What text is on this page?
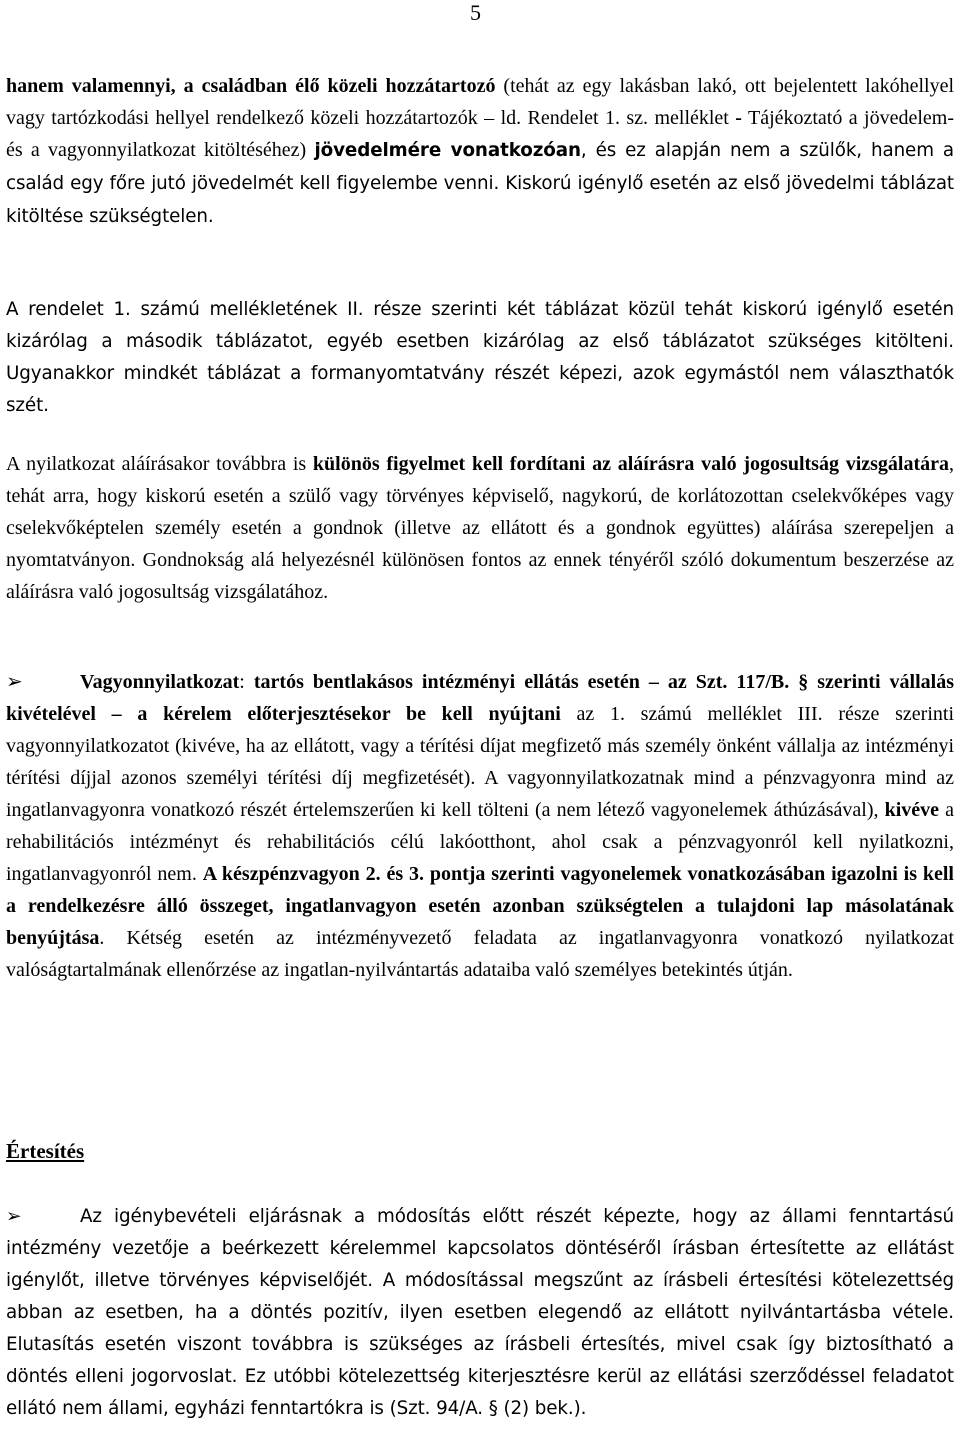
5
hanem valamennyi, a családban élő közeli hozzátartozó (tehát az egy lakásban lakó, ott bejelentett lakóhellyel vagy tartózkodási hellyel rendelkező közeli hozzátartozók – ld. Rendelet 1. sz. melléklet - Tájékoztató a jövedelem- és a vagyonnyilatkozat kitöltéséhez) jövedelmére vonatkozóan, és ez alapján nem a szülők, hanem a család egy főre jutó jövedelmét kell figyelembe venni. Kiskorú igénylő esetén az első jövedelmi táblázat kitöltése szükségtelen.
A rendelet 1. számú mellékletének II. része szerinti két táblázat közül tehát kiskorú igénylő esetén kizárólag a második táblázatot, egyéb esetben kizárólag az első táblázatot szükséges kitölteni. Ugyanakkor mindkét táblázat a formanyomtatvány részét képezi, azok egymástól nem választhatók szét.
A nyilatkozat aláírásakor továbbra is különös figyelmet kell fordítani az aláírásra való jogosultság vizsgálatára, tehát arra, hogy kiskorú esetén a szülő vagy törvényes képviselő, nagykorú, de korlátozottan cselekvőképes vagy cselekvőképtelen személy esetén a gondnok (illetve az ellátott és a gondnok együttes) aláírása szerepeljen a nyomtatványon. Gondnokság alá helyezésnél különösen fontos az ennek tényéről szóló dokumentum beszerzése az aláírásra való jogosultság vizsgálatához.
➢	Vagyonnyilatkozat: tartós bentlakásos intézményi ellátás esetén – az Szt. 117/B. § szerinti vállalás kivételével – a kérelem előterjesztésekor be kell nyújtani az 1. számú melléklet III. része szerinti vagyonnyilatkozatot (kivéve, ha az ellátott, vagy a térítési díjat megfizető más személy önként vállalja az intézményi térítési díjjal azonos személyi térítési díj megfizetését). A vagyonnyilatkozatnak mind a pénzvagyonra mind az ingatlanvagyonra vonatkozó részét értelemszerűen ki kell tölteni (a nem létező vagyonelemek áthúzásával), kivéve a rehabilitációs intézményt és rehabilitációs célú lakóotthont, ahol csak a pénzvagyonról kell nyilatkozni, ingatlanvagyonról nem. A készpénzvagyon 2. és 3. pontja szerinti vagyonelemek vonatkozásában igazolni is kell a rendelkezésre álló összeget, ingatlanvagyon esetén azonban szükségtelen a tulajdoni lap másolatának benyújtása. Kétség esetén az intézményvezető feladata az ingatlanvagyonra vonatkozó nyilatkozat valóságtartalmának ellenőrzése az ingatlan-nyilvántartás adataiba való személyes betekintés útján.
Értesítés
➢	Az igénybevételi eljárásnak a módosítás előtt részét képezte, hogy az állami fenntartású intézmény vezetője a beérkezett kérelemmel kapcsolatos döntéséről írásban értesítette az ellátást igénylőt, illetve törvényes képviselőjét. A módosítással megszűnt az írásbeli értesítési kötelezettség abban az esetben, ha a döntés pozitív, ilyen esetben elegendő az ellátott nyilvántartásba vétele. Elutasítás esetén viszont továbbra is szükséges az írásbeli értesítés, mivel csak így biztosítható a döntés elleni jogorvoslat. Ez utóbbi kötelezettség kiterjesztésre kerül az ellátási szerződéssel feladatot ellátó nem állami, egyházi fenntartókra is (Szt. 94/A. § (2) bek.).
